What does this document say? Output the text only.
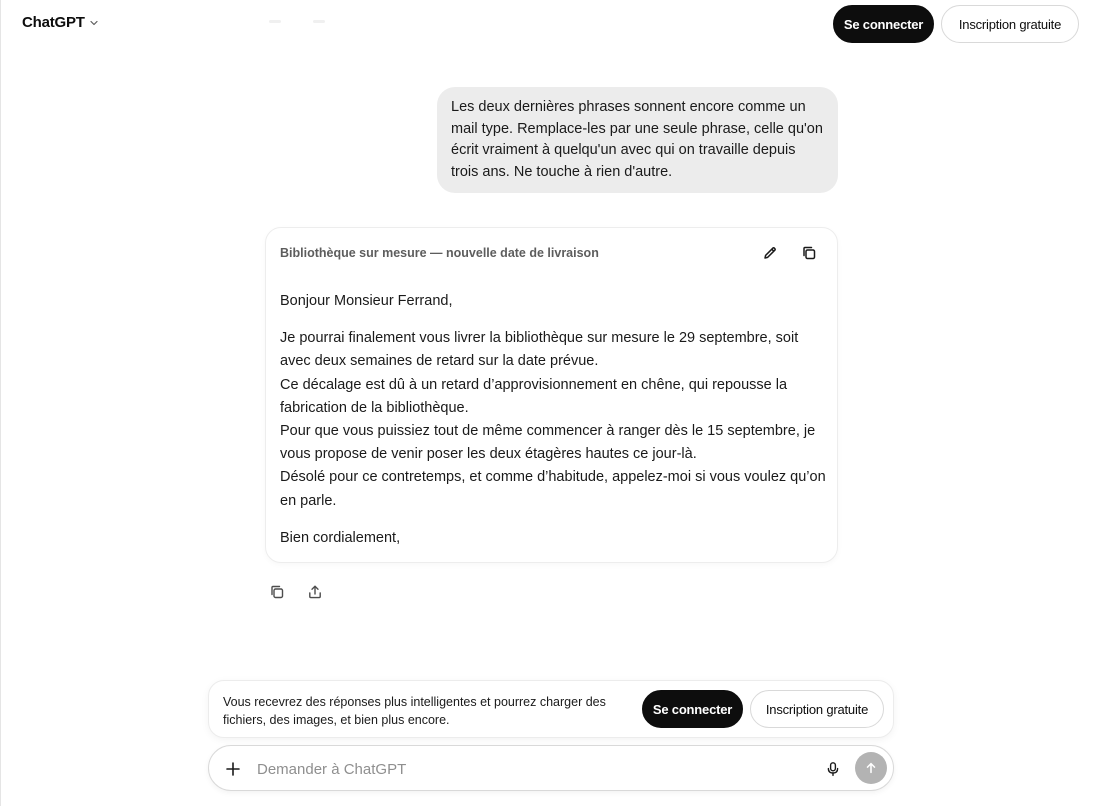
ChatGPT	Se connecter	Inscription gratuite
Les deux dernières phrases sonnent encore comme un mail type. Remplace-les par une seule phrase, celle qu'on écrit vraiment à quelqu'un avec qui on travaille depuis trois ans. Ne touche à rien d'autre.
Bibliothèque sur mesure — nouvelle date de livraison
Bonjour Monsieur Ferrand,
Je pourrai finalement vous livrer la bibliothèque sur mesure le 29 septembre, soit avec deux semaines de retard sur la date prévue.
Ce décalage est dû à un retard d’approvisionnement en chêne, qui repousse la fabrication de la bibliothèque.
Pour que vous puissiez tout de même commencer à ranger dès le 15 septembre, je vous propose de venir poser les deux étagères hautes ce jour-là.
Désolé pour ce contretemps, et comme d’habitude, appelez-moi si vous voulez qu’on en parle.
Bien cordialement,
Vous recevrez des réponses plus intelligentes et pourrez charger des fichiers, des images, et bien plus encore.
Se connecter	Inscription gratuite
Demander à ChatGPT
